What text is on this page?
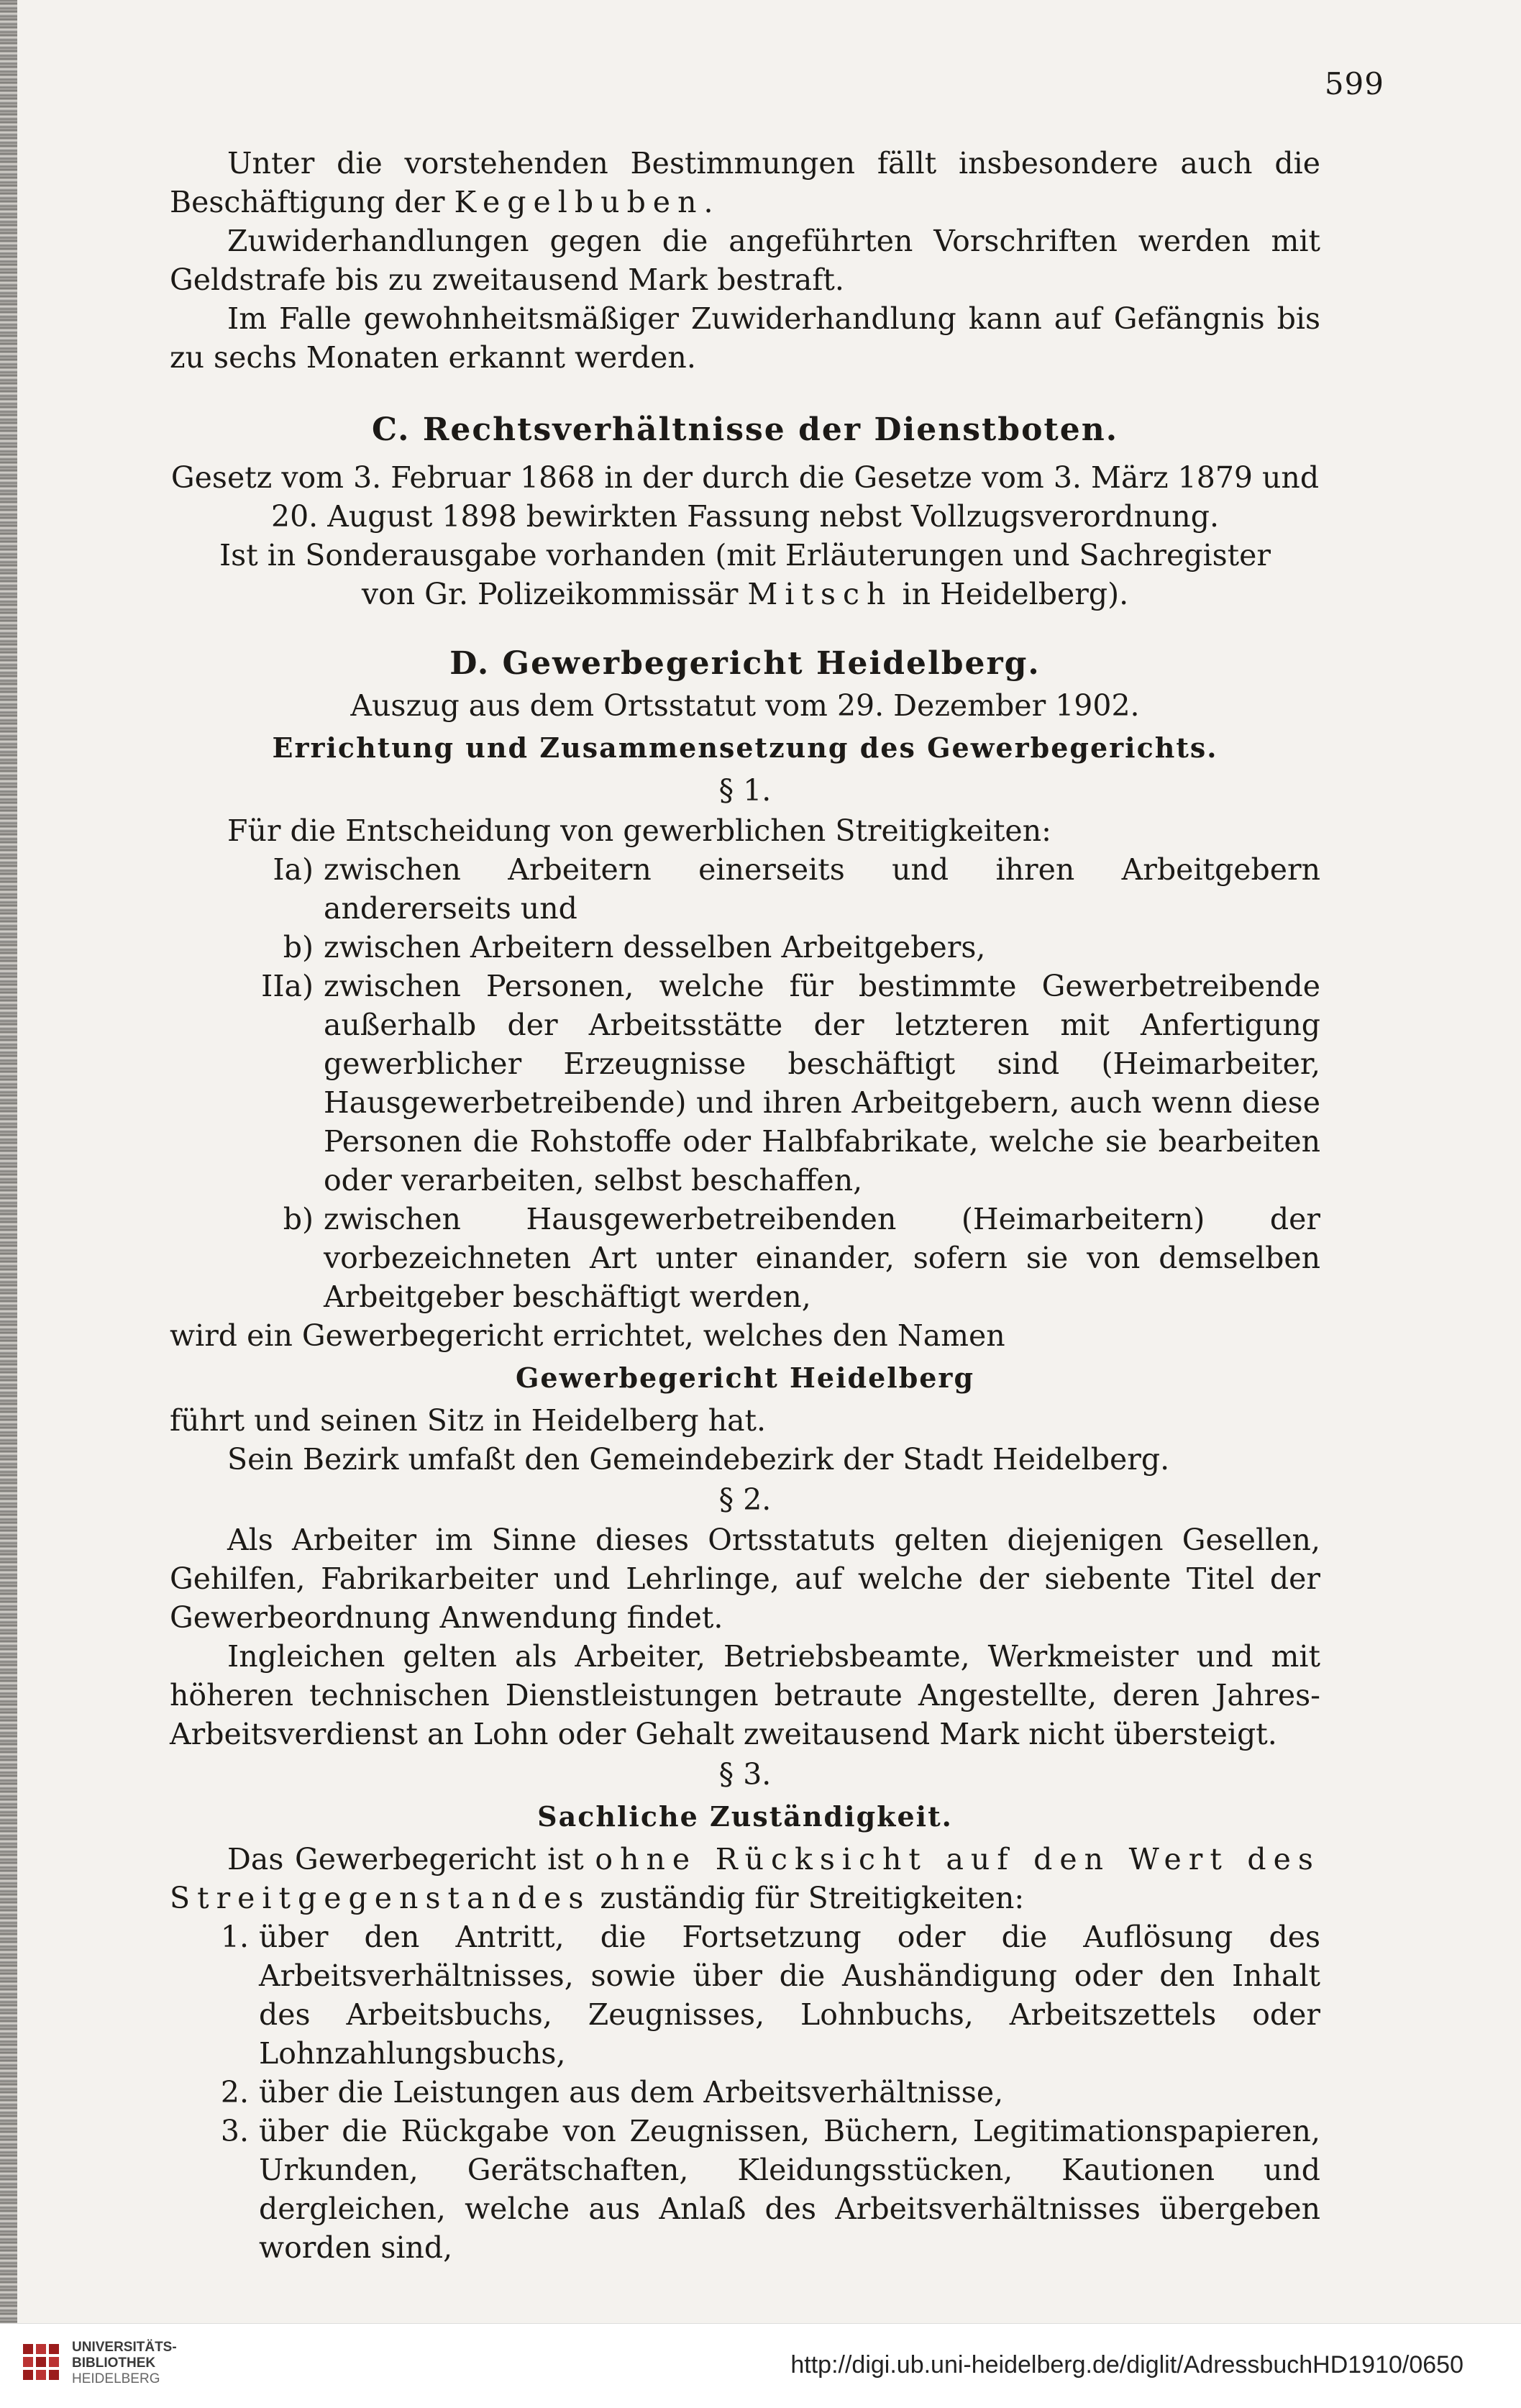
599

Unter die vorstehenden Bestimmungen fällt insbesondere auch die Beschäftigung der Kegelbuben.

Zuwiderhandlungen gegen die angeführten Vorschriften werden mit Geldstrafe bis zu zweitausend Mark bestraft.

Im Falle gewohnheitsmäßiger Zuwiderhandlung kann auf Gefängnis bis zu sechs Monaten erkannt werden.

C. Rechtsverhältnisse der Dienstboten.

Gesetz vom 3. Februar 1868 in der durch die Gesetze vom 3. März 1879 und

20. August 1898 bewirkten Fassung nebst Vollzugsverordnung.

Ist in Sonderausgabe vorhanden (mit Erläuterungen und Sachregister

von Gr. Polizeikommissär Mitsch in Heidelberg).

D. Gewerbegericht Heidelberg.

Auszug aus dem Ortsstatut vom 29. Dezember 1902.

Errichtung und Zusammensetzung des Gewerbegerichts.

§ 1.

Für die Entscheidung von gewerblichen Streitigkeiten:

Ia) zwischen Arbeitern einerseits und ihren Arbeitgebern andererseits und
b) zwischen Arbeitern desselben Arbeitgebers,
IIa) zwischen Personen, welche für bestimmte Gewerbetreibende außerhalb der Arbeitsstätte der letzteren mit Anfertigung gewerblicher Erzeugnisse beschäftigt sind (Heimarbeiter, Hausgewerbetreibende) und ihren Arbeitgebern, auch wenn diese Personen die Rohstoffe oder Halbfabrikate, welche sie bearbeiten oder verarbeiten, selbst beschaffen,
b) zwischen Hausgewerbetreibenden (Heimarbeitern) der vorbezeichneten Art unter einander, sofern sie von demselben Arbeitgeber beschäftigt werden,

wird ein Gewerbegericht errichtet, welches den Namen

Gewerbegericht Heidelberg

führt und seinen Sitz in Heidelberg hat.

Sein Bezirk umfaßt den Gemeindebezirk der Stadt Heidelberg.

§ 2.

Als Arbeiter im Sinne dieses Ortsstatuts gelten diejenigen Gesellen, Gehilfen, Fabrikarbeiter und Lehrlinge, auf welche der siebente Titel der Gewerbeordnung Anwendung findet.

Ingleichen gelten als Arbeiter, Betriebsbeamte, Werkmeister und mit höheren technischen Dienstleistungen betraute Angestellte, deren Jahres-Arbeitsverdienst an Lohn oder Gehalt zweitausend Mark nicht übersteigt.

§ 3.

Sachliche Zuständigkeit.

Das Gewerbegericht ist ohne Rücksicht auf den Wert des Streitgegenstandes zuständig für Streitigkeiten:

1. über den Antritt, die Fortsetzung oder die Auflösung des Arbeitsverhältnisses, sowie über die Aushändigung oder den Inhalt des Arbeitsbuchs, Zeugnisses, Lohnbuchs, Arbeitszettels oder Lohnzahlungsbuchs,
2. über die Leistungen aus dem Arbeitsverhältnisse,
3. über die Rückgabe von Zeugnissen, Büchern, Legitimationspapieren, Urkunden, Gerätschaften, Kleidungsstücken, Kautionen und dergleichen, welche aus Anlaß des Arbeitsverhältnisses übergeben worden sind,
UNIVERSITÄTS-
BIBLIOTHEK
HEIDELBERG
http://digi.ub.uni-heidelberg.de/diglit/AdressbuchHD1910/0650
